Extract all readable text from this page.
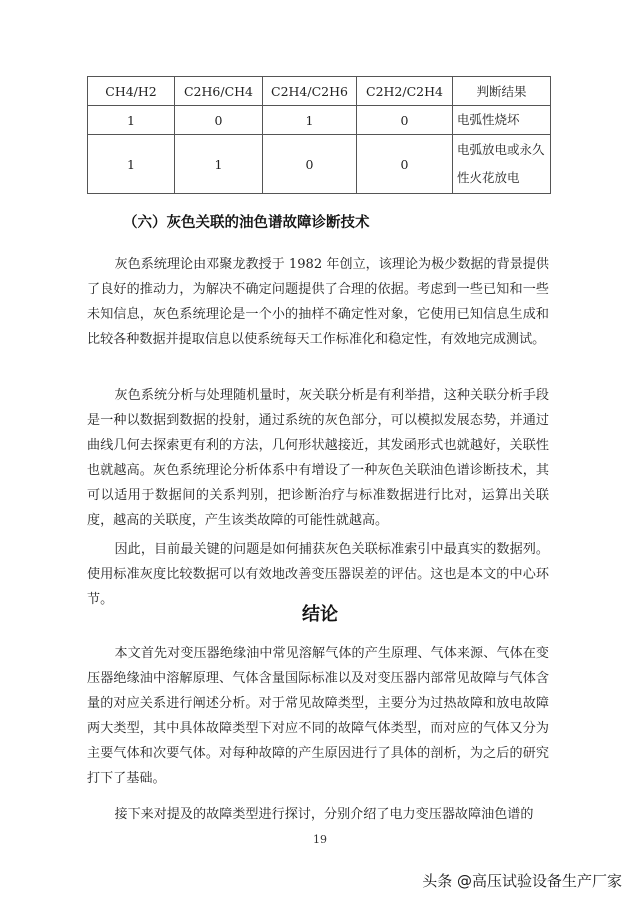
CH4/H2	C2H6/CH4	C2H4/C2H6	C2H2/C2H4	判断结果
1	0	1	0	电弧性烧坏
1	1	0	0	电弧放电或永久性火花放电
（六）灰色关联的油色谱故障诊断技术

灰色系统理论由邓聚龙教授于 1982 年创立，该理论为极少数据的背景提供了良好的推动力，为解决不确定问题提供了合理的依据。考虑到一些已知和一些未知信息，灰色系统理论是一个小的抽样不确定性对象，它使用已知信息生成和比较各种数据并提取信息以使系统每天工作标准化和稳定性，有效地完成测试。

灰色系统分析与处理随机量时，灰关联分析是有利举措，这种关联分析手段是一种以数据到数据的投射，通过系统的灰色部分，可以模拟发展态势，并通过曲线几何去探索更有利的方法，几何形状越接近，其发函形式也就越好，关联性也就越高。灰色系统理论分析体系中有增设了一种灰色关联油色谱诊断技术，其可以适用于数据间的关系判别，把诊断治疗与标准数据进行比对，运算出关联度，越高的关联度，产生该类故障的可能性就越高。

因此，目前最关键的问题是如何捕获灰色关联标准索引中最真实的数据列。使用标准灰度比较数据可以有效地改善变压器误差的评估。这也是本文的中心环节。

结论

本文首先对变压器绝缘油中常见溶解气体的产生原理、气体来源、气体在变压器绝缘油中溶解原理、气体含量国际标准以及对变压器内部常见故障与气体含量的对应关系进行阐述分析。对于常见故障类型，主要分为过热故障和放电故障两大类型，其中具体故障类型下对应不同的故障气体类型，而对应的气体又分为主要气体和次要气体。对每种故障的产生原因进行了具体的剖析，为之后的研究打下了基础。

接下来对提及的故障类型进行探讨，分别介绍了电力变压器故障油色谱的

19
头条 @高压试验设备生产厂家
